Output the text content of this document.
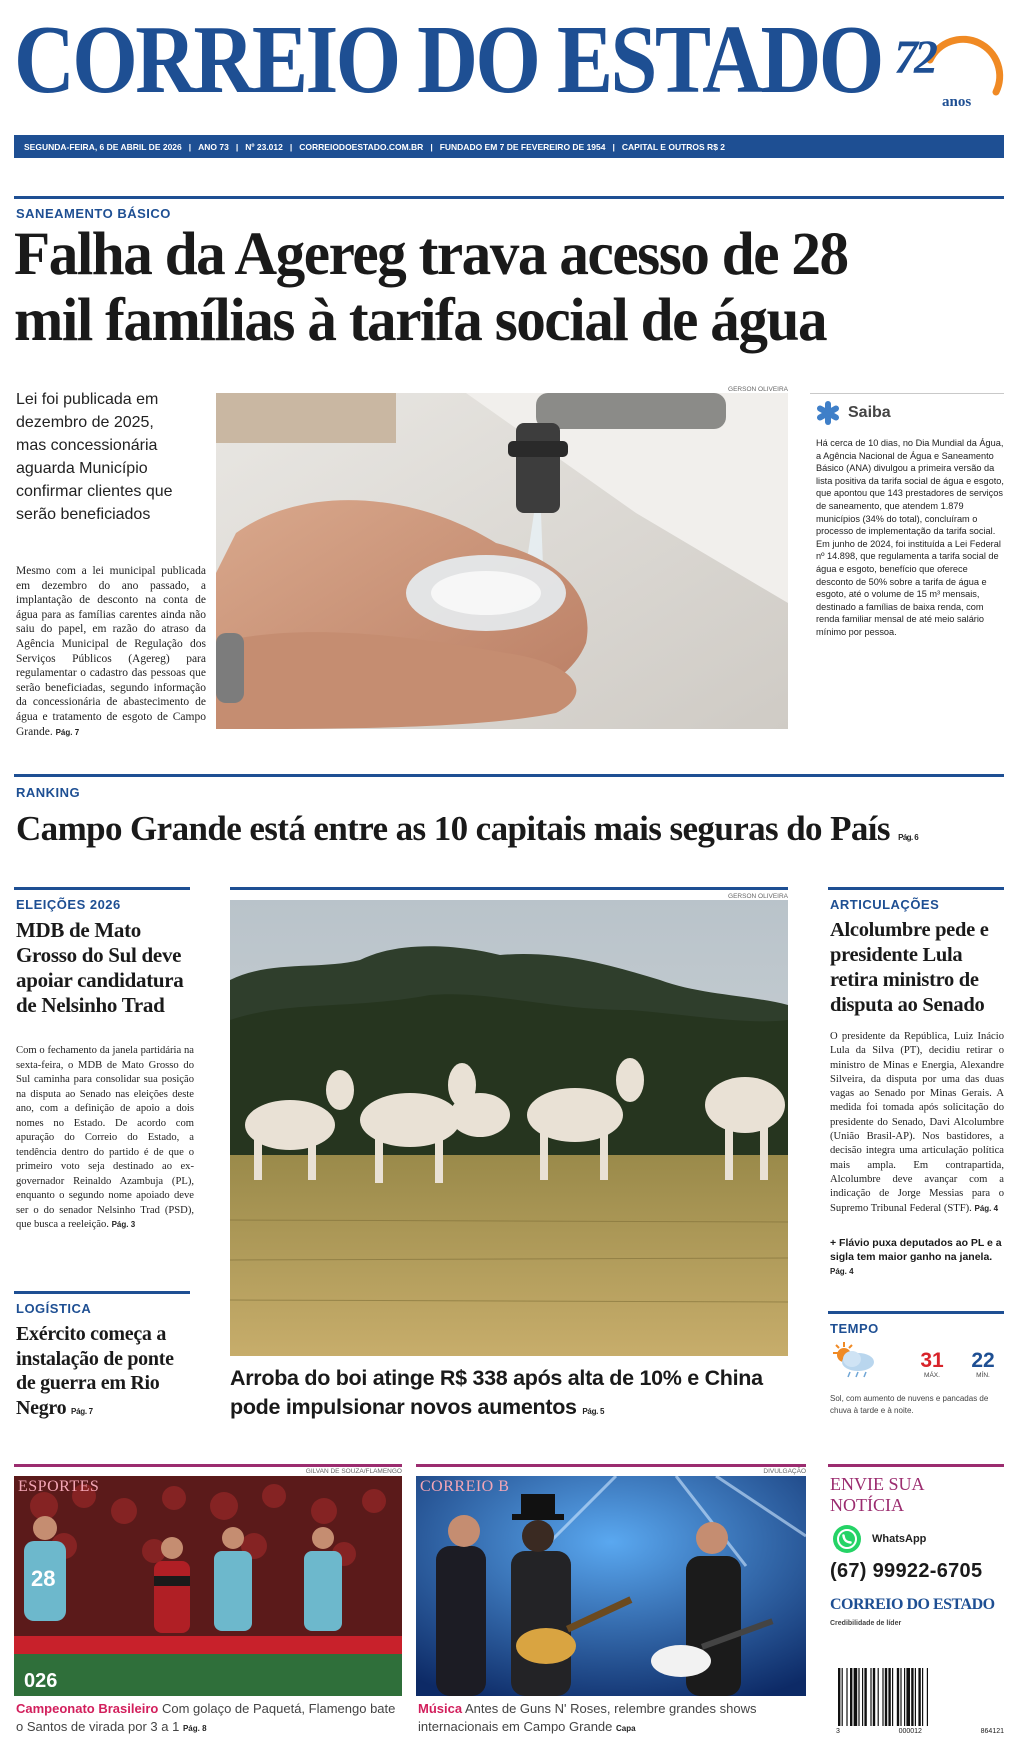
CORREIO DO ESTADO 72
anos
SEGUNDA-FEIRA, 6 DE ABRIL DE 2026 | ANO 73 | Nº 23.012 | CORREIODOESTADO.COM.BR | FUNDADO EM 7 DE FEVEREIRO DE 1954 | CAPITAL E OUTROS R$ 2
SANEAMENTO BÁSICO
Falha da Agereg trava acesso de 28
mil famílias à tarifa social de água
Lei foi publicada em dezembro de 2025, mas concessionária aguarda Município confirmar clientes que serão beneficiados
Mesmo com a lei municipal publicada em dezembro do ano passado, a implantação de desconto na conta de água para as famílias carentes ainda não saiu do papel, em razão do atraso da Agência Municipal de Regulação dos Serviços Públicos (Agereg) para regulamentar o cadastro das pessoas que serão beneficiadas, segundo informação da concessionária de abastecimento de água e tratamento de esgoto de Campo Grande. Pág. 7
GERSON OLIVEIRA
Saiba
Há cerca de 10 dias, no Dia Mundial da Água, a Agência Nacional de Água e Saneamento Básico (ANA) divulgou a primeira versão da lista positiva da tarifa social de água e esgoto, que apontou que 143 prestadores de serviços de saneamento, que atendem 1.879 municípios (34% do total), concluíram o processo de implementação da tarifa social. Em junho de 2024, foi instituída a Lei Federal nº 14.898, que regulamenta a tarifa social de água e esgoto, benefício que oferece desconto de 50% sobre a tarifa de água e esgoto, até o volume de 15 m³ mensais, destinado a famílias de baixa renda, com renda familiar mensal de até meio salário mínimo por pessoa.
RANKING
Campo Grande está entre as 10 capitais mais seguras do País Pág. 6
ELEIÇÕES 2026
MDB de Mato Grosso do Sul deve apoiar candidatura de Nelsinho Trad
Com o fechamento da janela partidária na sexta-feira, o MDB de Mato Grosso do Sul caminha para consolidar sua posição na disputa ao Senado nas eleições deste ano, com a definição de apoio a dois nomes no Estado. De acordo com apuração do Correio do Estado, a tendência dentro do partido é de que o primeiro voto seja destinado ao ex-governador Reinaldo Azambuja (PL), enquanto o segundo nome apoiado deve ser o do senador Nelsinho Trad (PSD), que busca a reeleição. Pág. 3
LOGÍSTICA
Exército começa a instalação de ponte de guerra em Rio Negro Pág. 7
GERSON OLIVEIRA
Arroba do boi atinge R$ 338 após alta de 10% e China pode impulsionar novos aumentos Pág. 5
ARTICULAÇÕES
Alcolumbre pede e presidente Lula retira ministro de disputa ao Senado
O presidente da República, Luiz Inácio Lula da Silva (PT), decidiu retirar o ministro de Minas e Energia, Alexandre Silveira, da disputa por uma das duas vagas ao Senado por Minas Gerais. A medida foi tomada após solicitação do presidente do Senado, Davi Alcolumbre (União Brasil-AP). Nos bastidores, a decisão integra uma articulação política mais ampla. Em contrapartida, Alcolumbre deve avançar com a indicação de Jorge Messias para o Supremo Tribunal Federal (STF). Pág. 4
+ Flávio puxa deputados ao PL e a sigla tem maior ganho na janela. Pág. 4
TEMPO
31
MÁX.
22
MÍN.
Sol, com aumento de nuvens e pancadas de chuva à tarde e à noite.
GILVAN DE SOUZA/FLAMENGO
026
28
ESPORTES
Campeonato Brasileiro Com golaço de Paquetá, Flamengo bate o Santos de virada por 3 a 1 Pág. 8
DIVULGAÇÃO
CORREIO B
Música Antes de Guns N' Roses, relembre grandes shows internacionais em Campo Grande Capa
ENVIE SUA
NOTÍCIA
WhatsApp
(67) 99922-6705
CORREIO DO ESTADO
Credibilidade de líder
3	000012	864121
